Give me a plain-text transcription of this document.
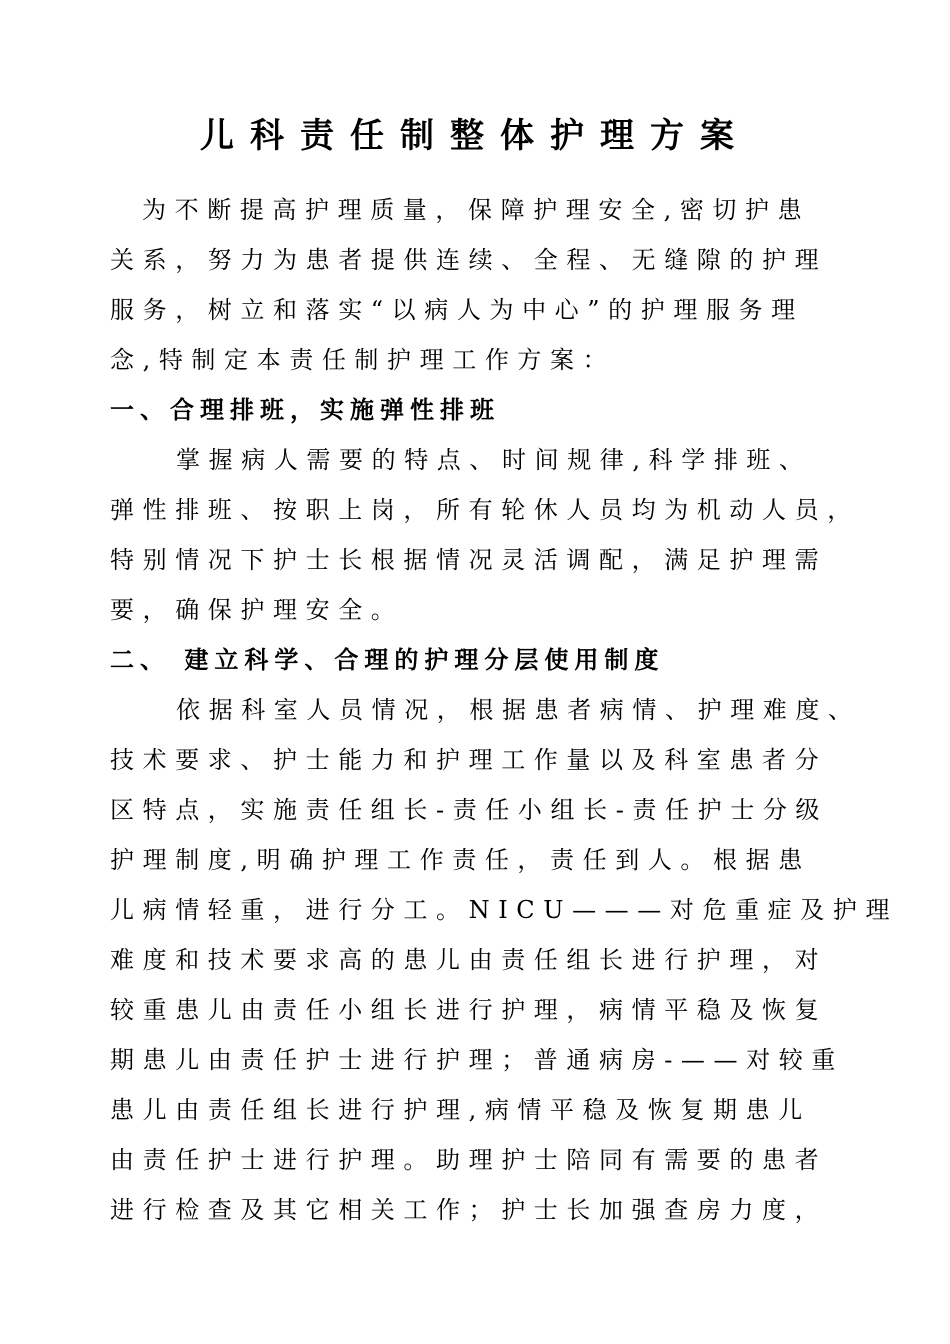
儿科责任制整体护理方案
为不断提高护理质量，保障护理安全,密切护患
关系，努力为患者提供连续、全程、无缝隙的护理
服务，树立和落实“以病人为中心”的护理服务理
念,特制定本责任制护理工作方案：
一、合理排班，实施弹性排班
掌握病人需要的特点、时间规律,科学排班、
弹性排班、按职上岗，所有轮休人员均为机动人员，
特别情况下护士长根据情况灵活调配，满足护理需
要，确保护理安全。
二、 建立科学、合理的护理分层使用制度
依据科室人员情况，根据患者病情、护理难度、
技术要求、护士能力和护理工作量以及科室患者分
区特点，实施责任组长-责任小组长-责任护士分级
护理制度,明确护理工作责任，责任到人。根据患
儿病情轻重，进行分工。NICU———对危重症及护理
难度和技术要求高的患儿由责任组长进行护理，对
较重患儿由责任小组长进行护理，病情平稳及恢复
期患儿由责任护士进行护理；普通病房-——对较重
患儿由责任组长进行护理,病情平稳及恢复期患儿
由责任护士进行护理。助理护士陪同有需要的患者
进行检查及其它相关工作；护士长加强查房力度，
